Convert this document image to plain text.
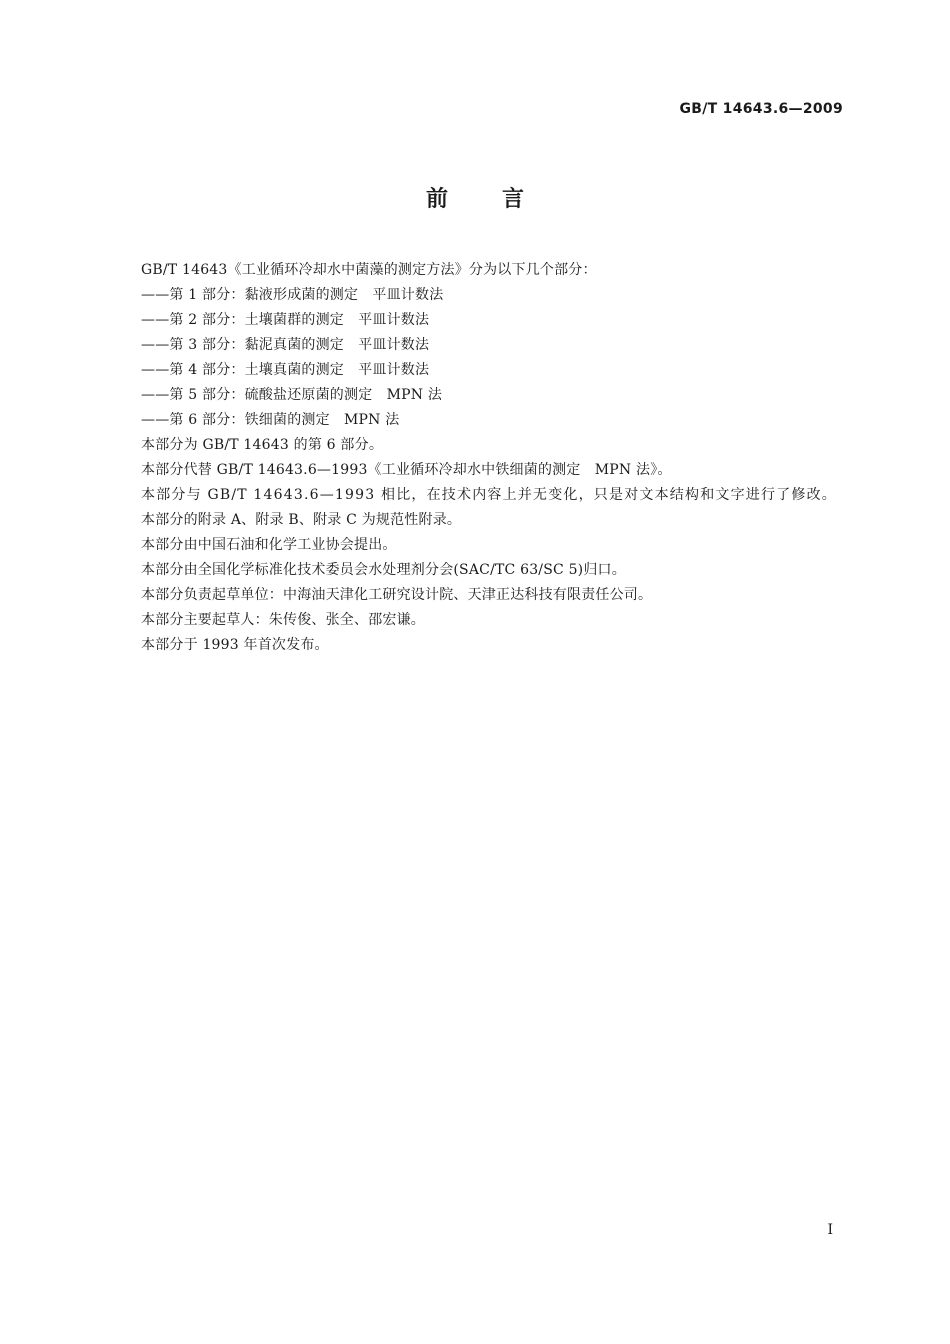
GB/T 14643.6—2009
前言

GB/T 14643《工业循环冷却水中菌藻的测定方法》分为以下几个部分：

——第 1 部分：黏液形成菌的测定　平皿计数法

——第 2 部分：土壤菌群的测定　平皿计数法

——第 3 部分：黏泥真菌的测定　平皿计数法

——第 4 部分：土壤真菌的测定　平皿计数法

——第 5 部分：硫酸盐还原菌的测定　MPN 法

——第 6 部分：铁细菌的测定　MPN 法

本部分为 GB/T 14643 的第 6 部分。

本部分代替 GB/T 14643.6—1993《工业循环冷却水中铁细菌的测定　MPN 法》。

本部分与 GB/T 14643.6—1993 相比，在技术内容上并无变化，只是对文本结构和文字进行了修改。

本部分的附录 A、附录 B、附录 C 为规范性附录。

本部分由中国石油和化学工业协会提出。

本部分由全国化学标准化技术委员会水处理剂分会(SAC/TC 63/SC 5)归口。

本部分负责起草单位：中海油天津化工研究设计院、天津正达科技有限责任公司。

本部分主要起草人：朱传俊、张全、邵宏谦。

本部分于 1993 年首次发布。

I
